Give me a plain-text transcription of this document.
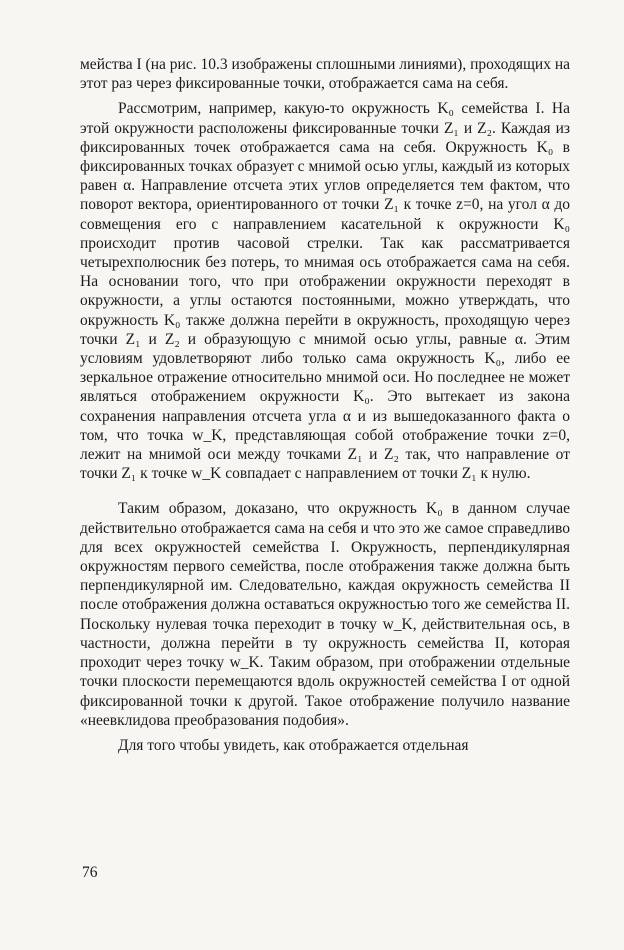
мейства I (на рис. 10.3 изображены сплошными линиями), проходящих на этот раз через фиксированные точки, отображается сама на себя.

Рассмотрим, например, какую-то окружность K₀ семейства I. На этой окружности расположены фиксированные точки Z₁ и Z₂. Каждая из фиксированных точек отображается сама на себя. Окружность K₀ в фиксированных точках образует с мнимой осью углы, каждый из которых равен α. Направление отсчета этих углов определяется тем фактом, что поворот вектора, ориентированного от точки Z₁ к точке z=0, на угол α до совмещения его с направлением касательной к окружности K₀ происходит против часовой стрелки. Так как рассматривается четырехполюсник без потерь, то мнимая ось отображается сама на себя. На основании того, что при отображении окружности переходят в окружности, а углы остаются постоянными, можно утверждать, что окружность K₀ также должна перейти в окружность, проходящую через точки Z₁ и Z₂ и образующую с мнимой осью углы, равные α. Этим условиям удовлетворяют либо только сама окружность K₀, либо ее зеркальное отражение относительно мнимой оси. Но последнее не может являться отображением окружности K₀. Это вытекает из закона сохранения направления отсчета угла α и из вышедоказанного факта о том, что точка w_K, представляющая собой отображение точки z=0, лежит на мнимой оси между точками Z₁ и Z₂ так, что направление от точки Z₁ к точке w_K совпадает с направлением от точки Z₁ к нулю.

Таким образом, доказано, что окружность K₀ в данном случае действительно отображается сама на себя и что это же самое справедливо для всех окружностей семейства I. Окружность, перпендикулярная окружностям первого семейства, после отображения также должна быть перпендикулярной им. Следовательно, каждая окружность семейства II после отображения должна оставаться окружностью того же семейства II. Поскольку нулевая точка переходит в точку w_K, действительная ось, в частности, должна перейти в ту окружность семейства II, которая проходит через точку w_K. Таким образом, при отображении отдельные точки плоскости перемещаются вдоль окружностей семейства I от одной фиксированной точки к другой. Такое отображение получило название «неевклидова преобразования подобия».

Для того чтобы увидеть, как отображается отдельная

76
